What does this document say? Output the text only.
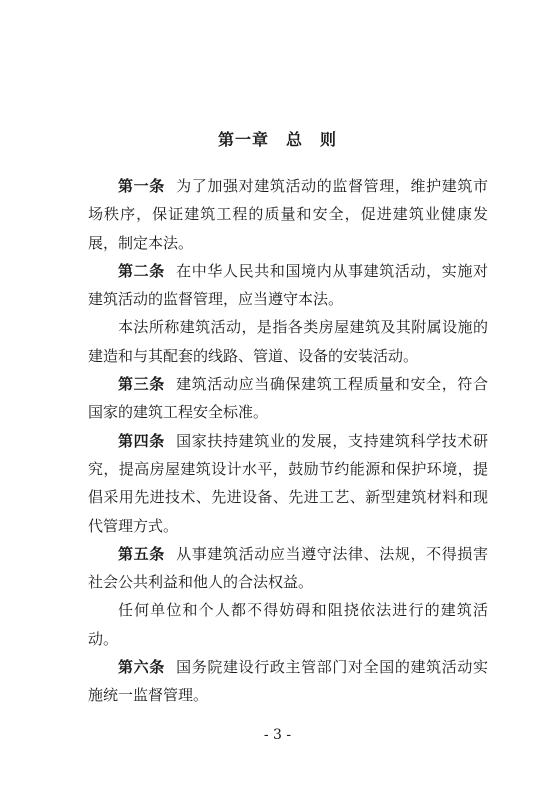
第一章　总　则

第一条 为了加强对建筑活动的监督管理，维护建筑市场秩序，保证建筑工程的质量和安全，促进建筑业健康发展，制定本法。

第二条 在中华人民共和国境内从事建筑活动，实施对建筑活动的监督管理，应当遵守本法。

本法所称建筑活动，是指各类房屋建筑及其附属设施的建造和与其配套的线路、管道、设备的安装活动。

第三条 建筑活动应当确保建筑工程质量和安全，符合国家的建筑工程安全标准。

第四条 国家扶持建筑业的发展，支持建筑科学技术研究，提高房屋建筑设计水平，鼓励节约能源和保护环境，提倡采用先进技术、先进设备、先进工艺、新型建筑材料和现代管理方式。

第五条 从事建筑活动应当遵守法律、法规，不得损害社会公共利益和他人的合法权益。

任何单位和个人都不得妨碍和阻挠依法进行的建筑活动。

第六条 国务院建设行政主管部门对全国的建筑活动实施统一监督管理。

- 3 -
